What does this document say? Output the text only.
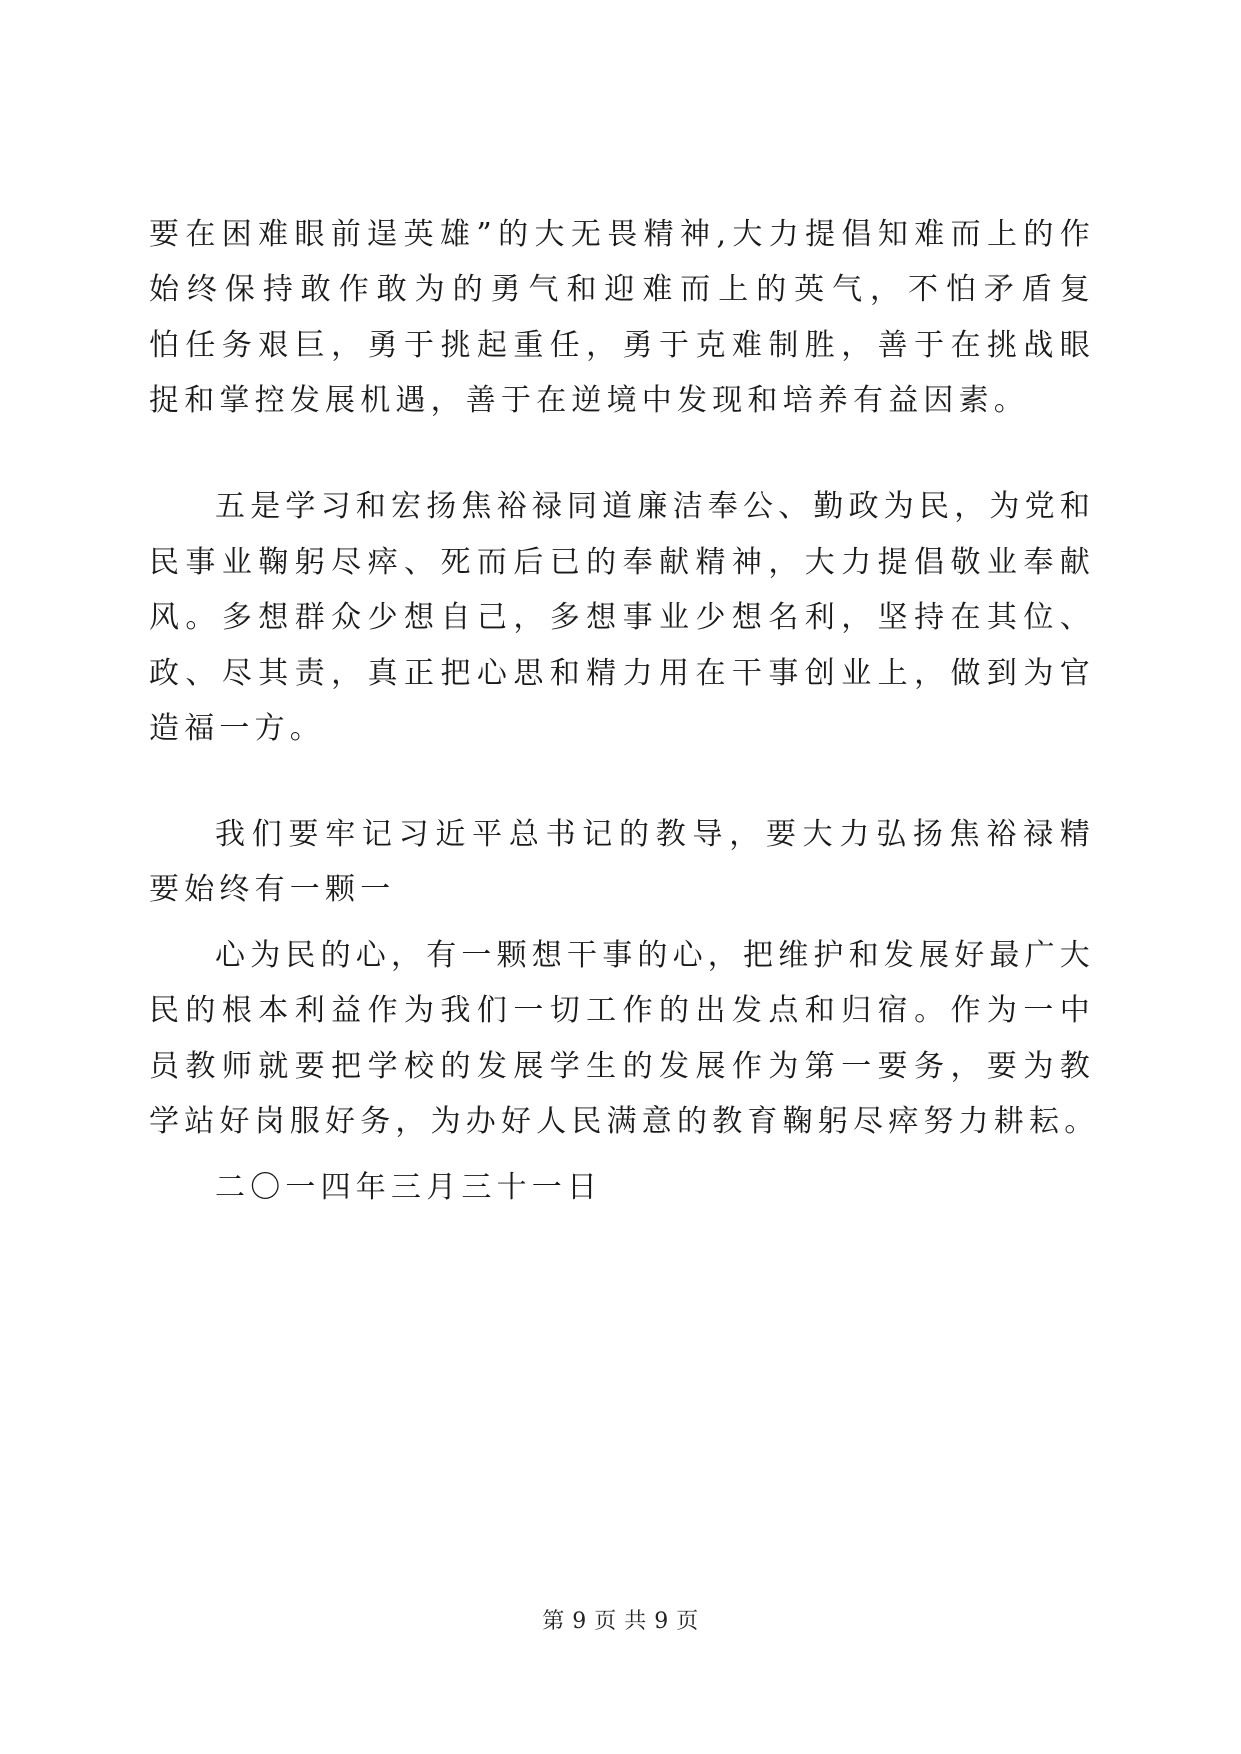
要在困难眼前逞英雄”的大无畏精神,大力提倡知难而上的作
始终保持敢作敢为的勇气和迎难而上的英气，不怕矛盾复
怕任务艰巨，勇于挑起重任，勇于克难制胜，善于在挑战眼
捉和掌控发展机遇，善于在逆境中发现和培养有益因素。
五是学习和宏扬焦裕禄同道廉洁奉公、勤政为民，为党和
民事业鞠躬尽瘁、死而后已的奉献精神，大力提倡敬业奉献
风。多想群众少想自己，多想事业少想名利，坚持在其位、
政、尽其责，真正把心思和精力用在干事创业上，做到为官
造福一方。
我们要牢记习近平总书记的教导，要大力弘扬焦裕禄精
要始终有一颗一
心为民的心，有一颗想干事的心，把维护和发展好最广大
民的根本利益作为我们一切工作的出发点和归宿。作为一中
员教师就要把学校的发展学生的发展作为第一要务，要为教
学站好岗服好务，为办好人民满意的教育鞠躬尽瘁努力耕耘。
二〇一四年三月三十一日
第 9 页 共 9 页
